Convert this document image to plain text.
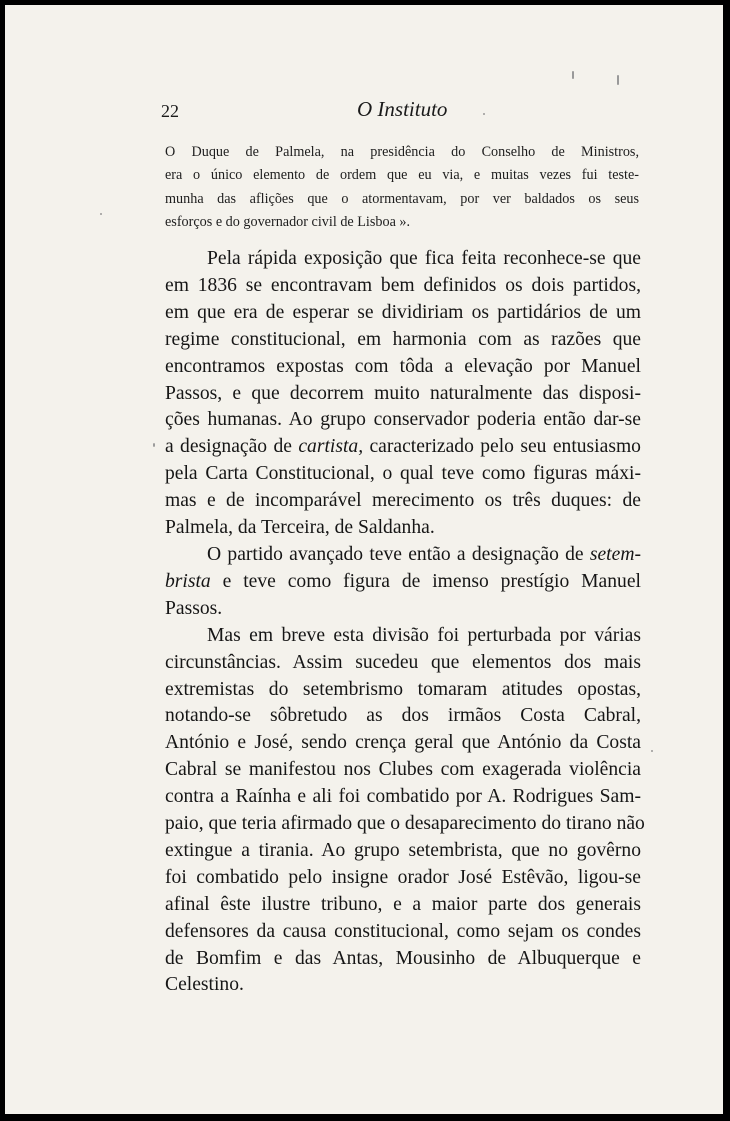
22	O Instituto
O Duque de Palmela, na presidência do Conselho de Ministros,
era o único elemento de ordem que eu via, e muitas vezes fui teste-
munha das aflições que o atormentavam, por ver baldados os seus
esforços e do governador civil de Lisboa ».
Pela rápida exposição que fica feita reconhece-se que
em 1836 se encontravam bem definidos os dois partidos,
em que era de esperar se dividiriam os partidários de um
regime constitucional, em harmonia com as razões que
encontramos expostas com tôda a elevação por Manuel
Passos, e que decorrem muito naturalmente das disposi-
ções humanas. Ao grupo conservador poderia então dar-se
a designação de cartista, caracterizado pelo seu entusiasmo
pela Carta Constitucional, o qual teve como figuras máxi-
mas e de incomparável merecimento os três duques: de
Palmela, da Terceira, de Saldanha.
O partido avançado teve então a designação de setem-
brista e teve como figura de imenso prestígio Manuel
Passos.
Mas em breve esta divisão foi perturbada por várias
circunstâncias. Assim sucedeu que elementos dos mais
extremistas do setembrismo tomaram atitudes opostas,
notando-se sôbretudo as dos irmãos Costa Cabral,
António e José, sendo crença geral que António da Costa
Cabral se manifestou nos Clubes com exagerada violência
contra a Raínha e ali foi combatido por A. Rodrigues Sam-
paio, que teria afirmado que o desaparecimento do tirano não
extingue a tirania. Ao grupo setembrista, que no govêrno
foi combatido pelo insigne orador José Estêvão, ligou-se
afinal êste ilustre tribuno, e a maior parte dos generais
defensores da causa constitucional, como sejam os condes
de Bomfim e das Antas, Mousinho de Albuquerque e
Celestino.
